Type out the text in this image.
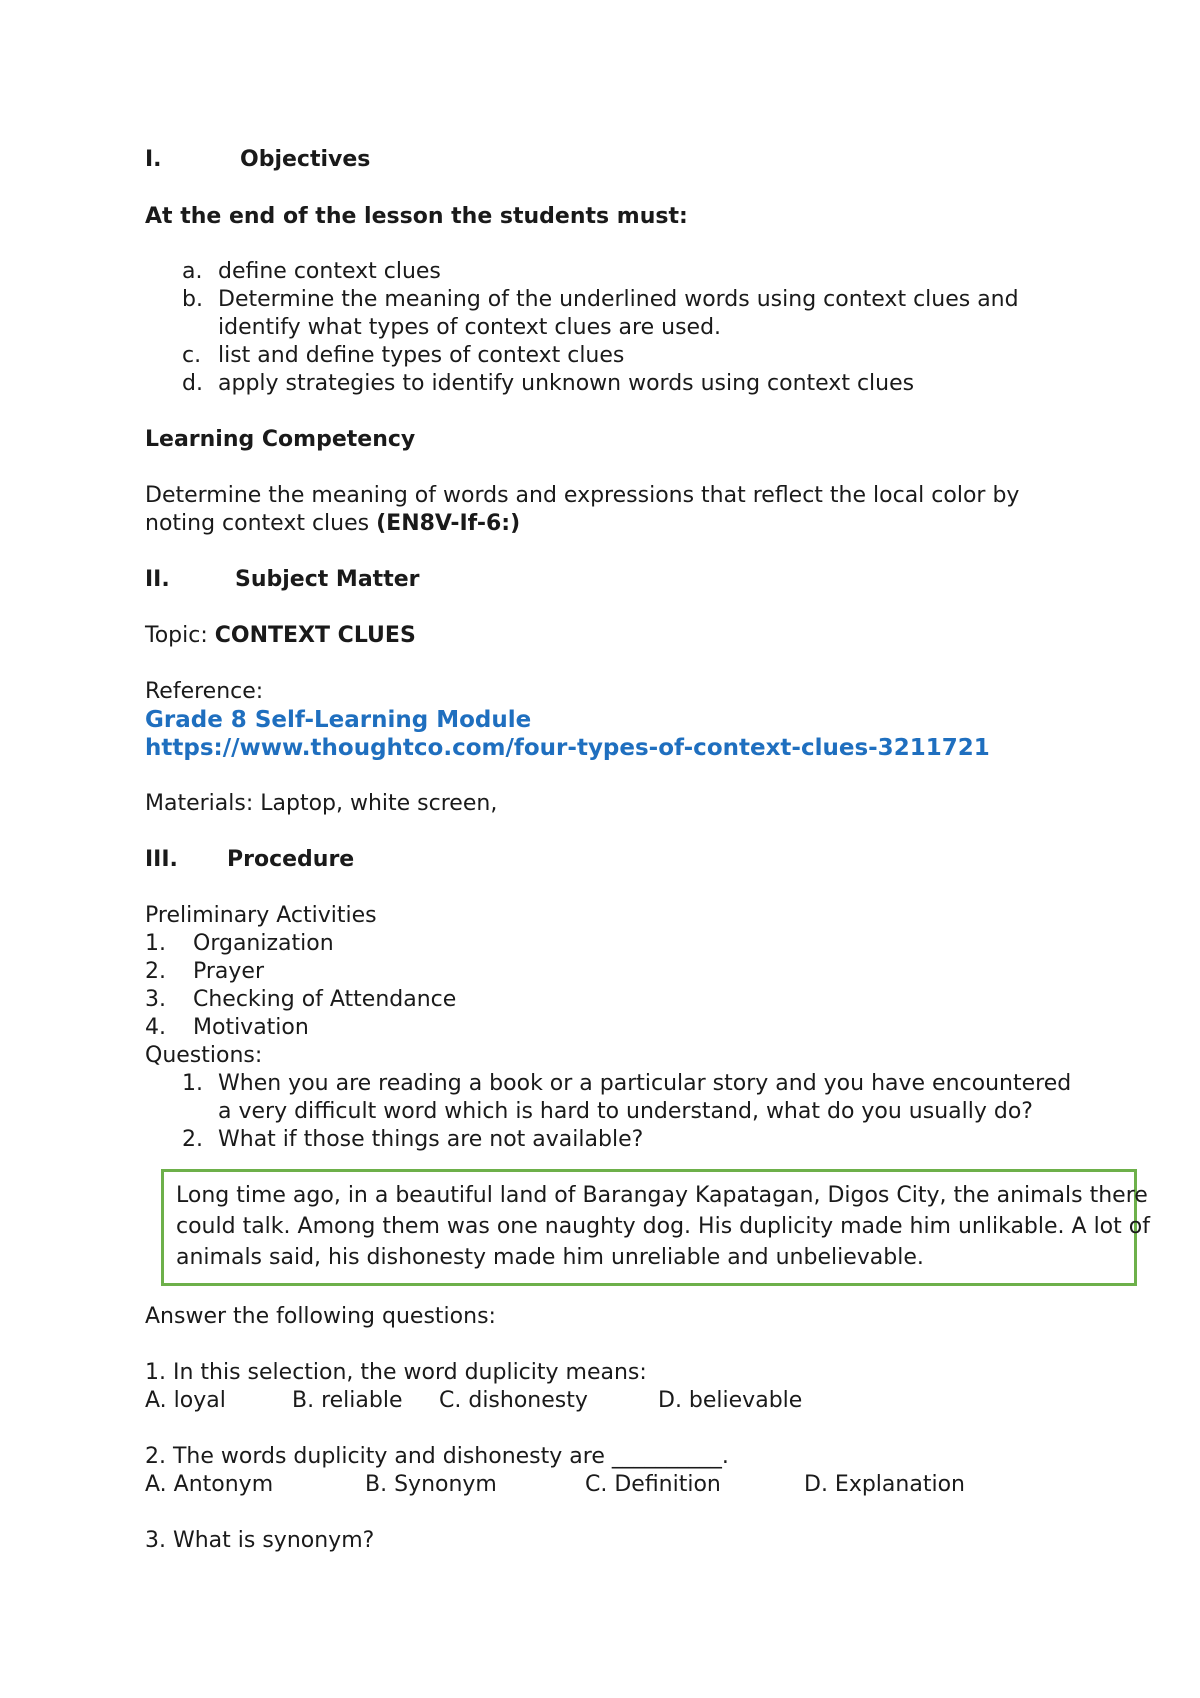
I.	Objectives
At the end of the lesson the students must:
a. define context clues
b. Determine the meaning of the underlined words using context clues and
identify what types of context clues are used.
c. list and define types of context clues
d. apply strategies to identify unknown words using context clues
Learning Competency
Determine the meaning of words and expressions that reflect the local color by
noting context clues (EN8V-If-6:)
II.	Subject Matter
Topic: CONTEXT CLUES
Reference:
Grade 8 Self-Learning Module
https://www.thoughtco.com/four-types-of-context-clues-3211721
Materials: Laptop, white screen,
III. Procedure
Preliminary Activities
1. Organization
2. Prayer
3. Checking of Attendance
4. Motivation
Questions:
1. When you are reading a book or a particular story and you have encountered
a very difficult word which is hard to understand, what do you usually do?
2. What if those things are not available?
Long time ago, in a beautiful land of Barangay Kapatagan, Digos City, the animals there
could talk. Among them was one naughty dog. His duplicity made him unlikable. A lot of
animals said, his dishonesty made him unreliable and unbelievable.
Answer the following questions:
1. In this selection, the word duplicity means:
A. loyal	B. reliable C. dishonesty	D. believable
2. The words duplicity and dishonesty are __________.
A. Antonym	B. Synonym	C. Definition	D. Explanation
3. What is synonym?
